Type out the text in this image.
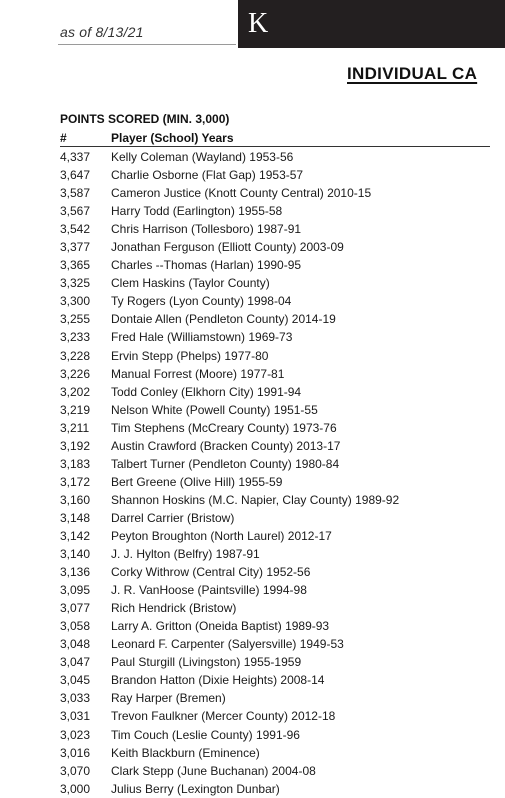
as of 8/13/21	K
INDIVIDUAL CA
POINTS SCORED (MIN. 3,000)
#	Player (School) Years
4,337 Kelly Coleman (Wayland) 1953-56
3,647 Charlie Osborne (Flat Gap) 1953-57
3,587 Cameron Justice (Knott County Central) 2010-15
3,567 Harry Todd (Earlington) 1955-58
3,542 Chris Harrison (Tollesboro) 1987-91
3,377 Jonathan Ferguson (Elliott County) 2003-09
3,365 Charles --Thomas (Harlan) 1990-95
3,325 Clem Haskins (Taylor County)
3,300 Ty Rogers (Lyon County) 1998-04
3,255 Dontaie Allen (Pendleton County) 2014-19
3,233 Fred Hale (Williamstown) 1969-73
3,228 Ervin Stepp (Phelps) 1977-80
3,226 Manual Forrest (Moore) 1977-81
3,202 Todd Conley (Elkhorn City) 1991-94
3,219 Nelson White (Powell County) 1951-55
3,211 Tim Stephens (McCreary County) 1973-76
3,192 Austin Crawford (Bracken County) 2013-17
3,183 Talbert Turner (Pendleton County) 1980-84
3,172 Bert Greene (Olive Hill) 1955-59
3,160 Shannon Hoskins (M.C. Napier, Clay County) 1989-92
3,148 Darrel Carrier (Bristow)
3,142 Peyton Broughton (North Laurel) 2012-17
3,140 J. J. Hylton (Belfry) 1987-91
3,136 Corky Withrow (Central City) 1952-56
3,095 J. R. VanHoose (Paintsville) 1994-98
3,077 Rich Hendrick (Bristow)
3,058 Larry A. Gritton (Oneida Baptist) 1989-93
3,048 Leonard F. Carpenter (Salyersville) 1949-53
3,047 Paul Sturgill (Livingston) 1955-1959
3,045 Brandon Hatton (Dixie Heights) 2008-14
3,033 Ray Harper (Bremen)
3,031 Trevon Faulkner (Mercer County) 2012-18
3,023 Tim Couch (Leslie County) 1991-96
3,016 Keith Blackburn (Eminence)
3,070 Clark Stepp (June Buchanan) 2004-08
3,000 Julius Berry (Lexington Dunbar)
